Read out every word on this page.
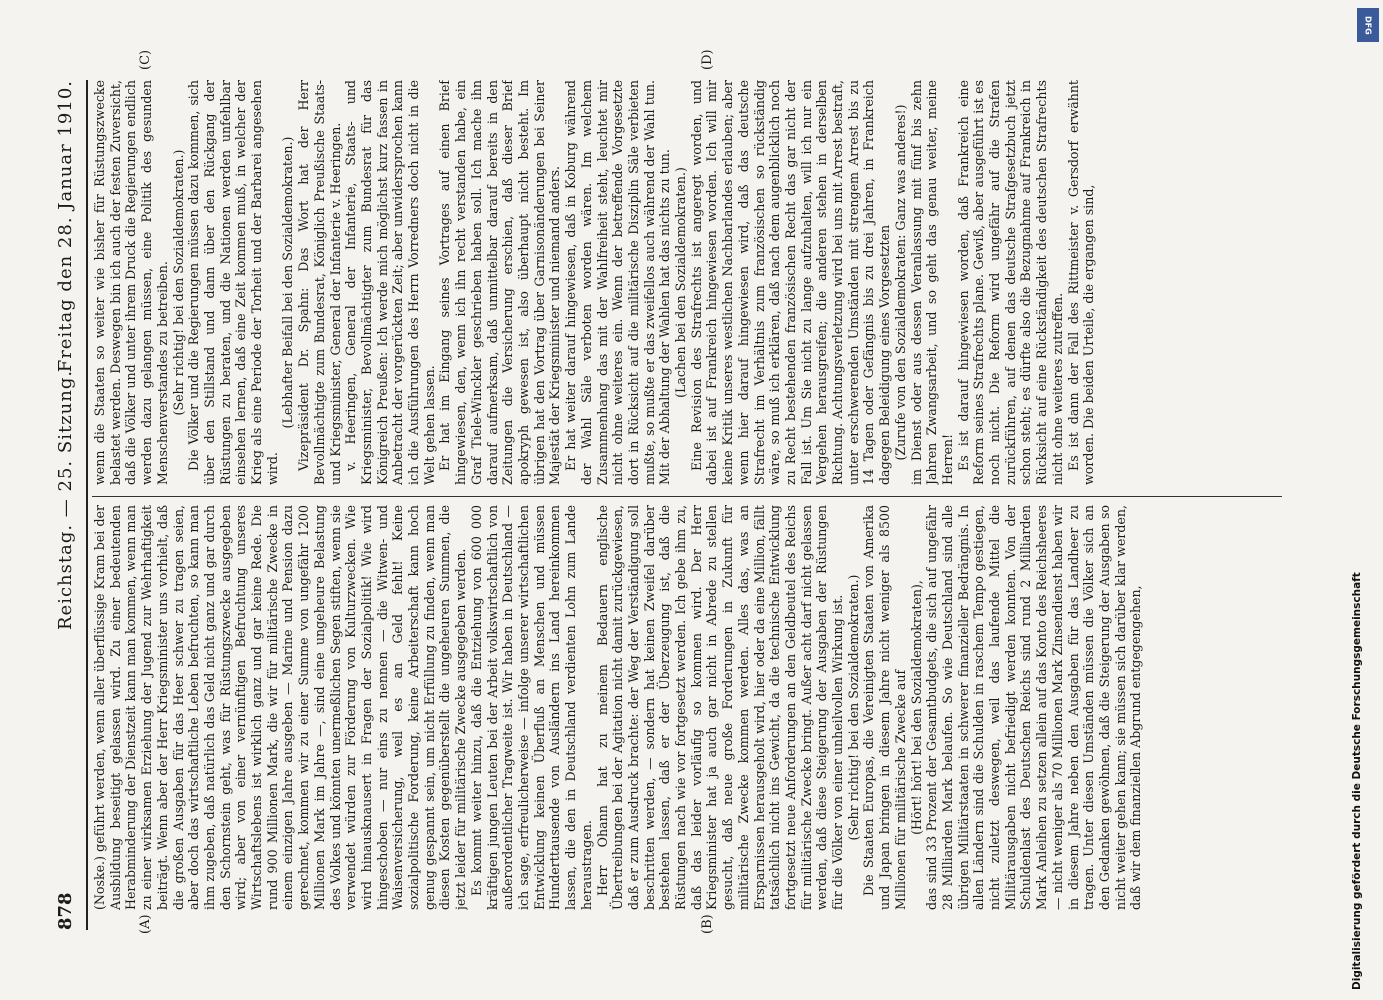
878
Reichstag. — 25. Sitzung.
Freitag den 28. Januar 1910.
(A)	(B)
(C)	(D)

(Noske.) geführt werden, wenn aller überflüssige Kram bei der Ausbildung beseitigt gelassen wird. Zu einer bedeutenden Herabminderung der Dienstzeit kann man kommen, wenn man zu einer wirksamen Erziehung der Jugend zur Wehrhaftigkeit beiträgt. Wenn aber der Herr Kriegsminister uns vorhielt, daß die großen Ausgaben für das Heer schwer zu tragen seien, aber doch das wirtschaftliche Leben befruchten, so kann man ihm zugeben, daß natürlich das Geld nicht ganz und gar durch den Schornstein geht, was für Rüstungszwecke ausgegeben wird; aber von einer vernünftigen Befruchtung unseres Wirtschaftslebens ist wirklich ganz und gar keine Rede. Die rund 900 Millionen Mark, die wir für militärische Zwecke in einem einzigen Jahre ausgeben — Marine und Pension dazu gerechnet, kommen wir zu einer Summe von ungefähr 1200 Millionen Mark im Jahre —, sind eine ungeheure Belastung des Volkes und könnten unermeßlichen Segen stiften, wenn sie verwendet würden zur Förderung von Kulturzwecken. Wie wird hinausknausert in Fragen der Sozialpolitik! Wie wird hingeschoben — nur eins zu nennen — die Witwen- und Waisenversicherung, weil es an Geld fehlt! Keine sozialpolitische Forderung, keine Arbeiterschaft kann hoch genug gespannt sein, um nicht Erfüllung zu finden, wenn man diesen Kosten gegenüberstellt die ungeheuren Summen, die jetzt leider für militärische Zwecke ausgegeben werden. Es kommt weiter hinzu, daß die Entziehung von 600 000 kräftigen jungen Leuten bei der Arbeit volkswirtschaftlich von außerordentlicher Tragweite ist. Wir haben in Deutschland — ich sage, erfreulicherweise — infolge unserer wirtschaftlichen Entwicklung keinen Überfluß an Menschen und müssen Hunderttausende von Ausländern ins Land hereinkommen lassen, die den in Deutschland verdienten Lohn zum Lande heraustragen. Herr Ohann hat zu meinem Bedauern englische Übertreibungen bei der Agitation nicht damit zurückgewiesen, daß er zum Ausdruck brachte: der Weg der Verständigung soll beschritten werden, — sondern hat keinen Zweifel darüber bestehen lassen, daß er der Überzeugung ist, daß die Rüstungen nach wie vor fortgesetzt werden. Ich gebe ihm zu, daß das leider vorläufig so kommen wird. Der Herr Kriegsminister hat ja auch gar nicht in Abrede zu stellen gesucht, daß neue große Forderungen in Zukunft für militärische Zwecke kommen werden. Alles das, was an Ersparnissen herausgeholt wird, hier oder da eine Million, fällt tatsächlich nicht ins Gewicht, da die technische Entwicklung fortgesetzt neue Anforderungen an den Geldbeutel des Reichs für militärische Zwecke bringt. Außer acht darf nicht gelassen werden, daß diese Steigerung der Ausgaben der Rüstungen für die Völker von einer unheilvollen Wirkung ist. (Sehr richtig! bei den Sozialdemokraten.) Die Staaten Europas, die Vereinigten Staaten von Amerika und Japan bringen in diesem Jahre nicht weniger als 8500 Millionen für militärische Zwecke auf (Hört! hört! bei den Sozialdemokraten), das sind 33 Prozent der Gesamtbudgets, die sich auf ungefähr 28 Milliarden Mark belaufen. So wie Deutschland sind alle übrigen Militärstaaten in schwerer finanzieller Bedrängnis. In allen Ländern sind die Schulden in raschem Tempo gestiegen, nicht zuletzt deswegen, weil das laufende Mittel die Militärausgaben nicht befriedigt werden konnten. Von der Schuldenlast des Deutschen Reichs sind rund 2 Milliarden Mark Anleihen zu setzen allein auf das Konto des Reichsheeres — nicht weniger als 70 Millionen Mark Zinsendienst haben wir in diesem Jahre neben den Ausgaben für das Landheer zu tragen. Unter diesen Umständen müssen die Völker sich an den Gedanken gewöhnen, daß die Steigerung der Ausgaben so nicht weiter gehen kann; sie müssen sich darüber klar werden, daß wir dem finanziellen Abgrund entgegengehen,

wenn die Staaten so weiter wie bisher für Rüstungszwecke belastet werden. Deswegen bin ich auch der festen Zuversicht, daß die Völker und unter ihrem Druck die Regierungen endlich werden dazu gelangen müssen, eine Politik des gesunden Menschenverstandes zu betreiben. (Sehr richtig! bei den Sozialdemokraten.) Die Völker und die Regierungen müssen dazu kommen, sich über den Stillstand und dann über den Rückgang der Rüstungen zu beraten, und die Nationen werden unfehlbar einsehen lernen, daß eine Zeit kommen muß, in welcher der Krieg als eine Periode der Torheit und der Barbarei angesehen wird.

(Lebhafter Beifall bei den Sozialdemokraten.) Vizepräsident Dr. Spahn: Das Wort hat der Herr Bevollmächtigte zum Bundesrat, Königlich Preußische Staats- und Kriegsminister, General der Infanterie v. Heeringen. v. Heeringen, General der Infanterie, Staats- und Kriegsminister, Bevollmächtigter zum Bundesrat für das Königreich Preußen: Ich werde mich möglichst kurz fassen in Anbetracht der vorgerückten Zeit; aber unwidersprochen kann ich die Ausführungen des Herrn Vorredners doch nicht in die Welt gehen lassen. Er hat im Eingang seines Vortrages auf einen Brief hingewiesen, den, wenn ich ihn recht verstanden habe, ein Graf Tiele-Winckler geschrieben haben soll. Ich mache ihn darauf aufmerksam, daß unmittelbar darauf bereits in den Zeitungen die Versicherung erschien, daß dieser Brief apokryph gewesen ist, also überhaupt nicht besteht. Im übrigen hat den Vortrag über Garnisonänderungen bei Seiner Majestät der Kriegsminister und niemand anders. Er hat weiter darauf hingewiesen, daß in Koburg während der Wahl Säle verboten worden wären. Im welchem Zusammenhang das mit der Wahlfreiheit steht, leuchtet mir nicht ohne weiteres ein. Wenn der betreffende Vorgesetzte dort in Rücksicht auf die militärische Disziplin Säle verbieten mußte, so mußte er das zweifellos auch während der Wahl tun. Mit der Abhaltung der Wahlen hat das nichts zu tun. (Lachen bei den Sozialdemokraten.) Eine Revision des Strafrechts ist angeregt worden, und dabei ist auf Frankreich hingewiesen worden. Ich will mir keine Kritik unseres westlichen Nachbarlandes erlauben; aber wenn hier darauf hingewiesen wird, daß das deutsche Strafrecht im Verhältnis zum französischen so rückständig wäre, so muß ich erklären, daß nach dem augenblicklich noch zu Recht bestehenden französischen Recht das gar nicht der Fall ist. Um Sie nicht zu lange aufzuhalten, will ich nur ein Vergehen herausgreifen; die anderen stehen in derselben Richtung. Achtungsverletzung wird bei uns mit Arrest bestraft, unter erschwerenden Umständen mit strengem Arrest bis zu 14 Tagen oder Gefängnis bis zu drei Jahren, in Frankreich dagegen Beleidigung eines Vorgesetzten (Zurufe von den Sozialdemokraten: Ganz was anderes!) im Dienst oder aus dessen Veranlassung mit fünf bis zehn Jahren Zwangsarbeit, und so geht das genau weiter, meine Herren! Es ist darauf hingewiesen worden, daß Frankreich eine Reform seines Strafrechts plane. Gewiß, aber ausgeführt ist es noch nicht. Die Reform wird ungefähr auf die Strafen zurückführen, auf denen das deutsche Strafgesetzbuch jetzt schon steht; es dürfte also die Bezugnahme auf Frankreich in Rücksicht auf eine Rückständigkeit des deutschen Strafrechts nicht ohne weiteres zutreffen. Es ist dann der Fall des Rittmeister v. Gersdorf erwähnt worden. Die beiden Urteile, die ergangen sind,

DFG
Digitalisierung gefördert durch die Deutsche Forschungsgemeinschaft
